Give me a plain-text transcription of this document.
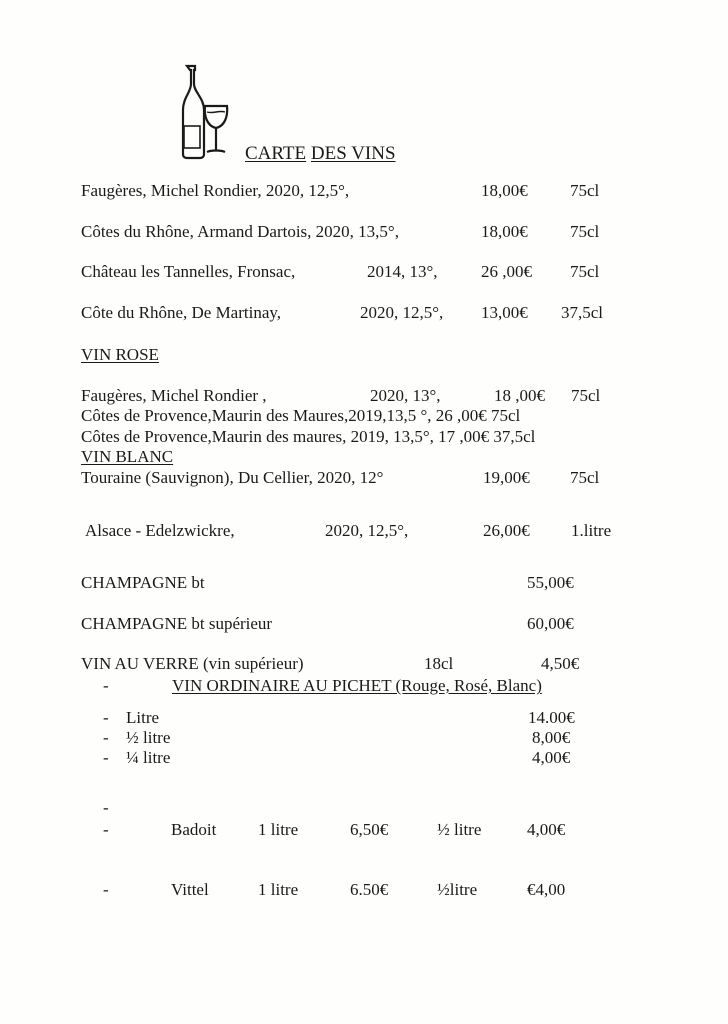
CARTE DES VINS
Faugères, Michel Rondier, 2020, 12,5°,	18,00€ 75cl
Côtes du Rhône, Armand Dartois, 2020, 13,5°,	18,00€ 75cl
Château les Tannelles, Fronsac,	2014, 13°,	26 ,00€ 75cl
Côte du Rhône, De Martinay,	2020, 12,5°, 13,00€ 37,5cl
VIN ROSE
Faugères, Michel Rondier ,	2020, 13°,	18 ,00€ 75cl
Côtes de Provence,Maurin des Maures,2019,13,5 °, 26 ,00€ 75cl
Côtes de Provence,Maurin des maures, 2019, 13,5°, 17 ,00€ 37,5cl
VIN BLANC
Touraine (Sauvignon), Du Cellier, 2020, 12°	19,00€ 75cl
Alsace - Edelzwickre,	2020, 12,5°,	26,00€ 1.litre
CHAMPAGNE bt	55,00€
CHAMPAGNE bt supérieur	60,00€
VIN AU VERRE (vin supérieur)	18cl	4,50€
-	VIN ORDINAIRE AU PICHET (Rouge, Rosé, Blanc)
- Litre	14.00€
- ½ litre	8,00€
- ¼ litre	4,00€
-
-	Badoit 1 litre	6,50€	½ litre	4,00€
-	Vittel	1 litre	6.50€	½litre	€4,00
